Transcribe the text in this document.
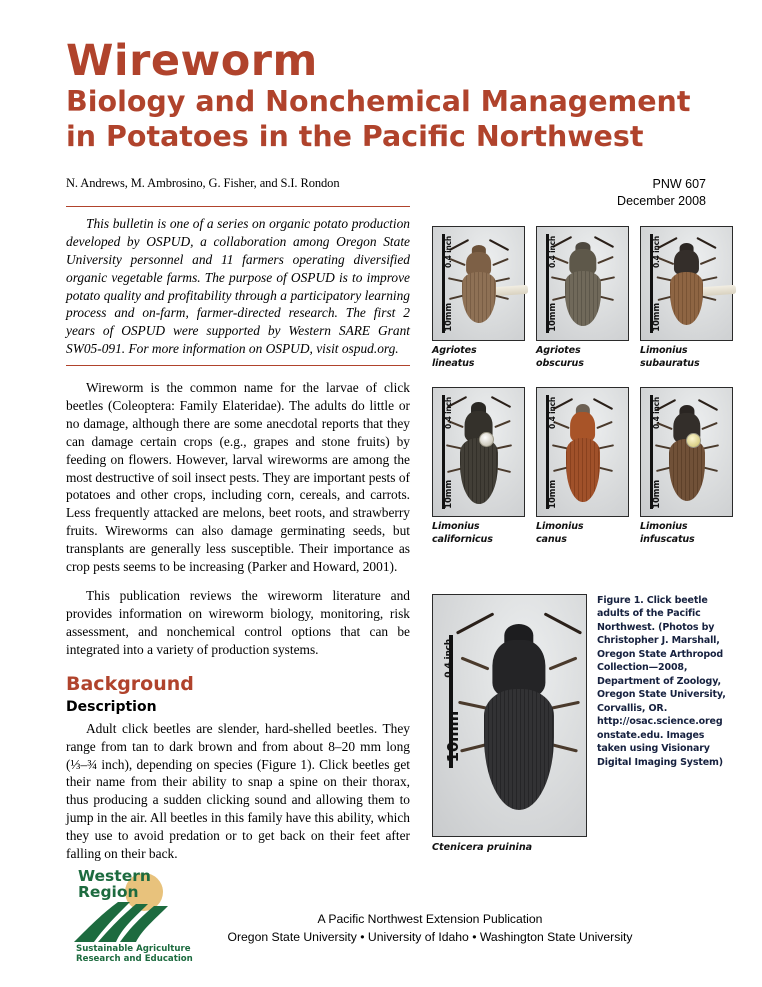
Wireworm
Biology and Nonchemical Management
in Potatoes in the Pacific Northwest
N. Andrews, M. Ambrosino, G. Fisher, and S.I. Rondon	PNW 607
December 2008

This bulletin is one of a series on organic potato production developed by OSPUD, a collaboration among Oregon State University personnel and 11 farmers operating diversified organic vegetable farms. The purpose of OSPUD is to improve potato quality and profitability through a participatory learning process and on-farm, farmer-directed research. The first 2 years of OSPUD were supported by Western SARE Grant SW05-091. For more information on OSPUD, visit ospud.org.

Wireworm is the common name for the larvae of click beetles (Coleoptera: Family Elateridae). The adults do little or no damage, although there are some anecdotal reports that they can damage certain crops (e.g., grapes and stone fruits) by feeding on flowers. However, larval wireworms are among the most destructive of soil insect pests. They are important pests of potatoes and other crops, including corn, cereals, and carrots. Less frequently attacked are melons, beet roots, and strawberry fruits. Wireworms can also damage germinating seeds, but transplants are generally less susceptible. Their importance as crop pests seems to be increasing (Parker and Howard, 2001).

This publication reviews the wireworm literature and provides information on wireworm biology, monitoring, risk assessment, and nonchemical control options that can be integrated into a variety of production systems.

Background
Description

Adult click beetles are slender, hard-shelled beetles. They range from tan to dark brown and from about 8–20 mm long (⅓–¾ inch), depending on species (Figure 1). Click beetles get their name from their ability to snap a spine on their thorax, thus producing a sudden clicking sound and allowing them to jump in the air. All beetles in this family have this ability, which they use to avoid predation or to get back on their feet after falling on their back.

0.4 inch
10mm
Agriotes
lineatus
0.4 inch
10mm
Agriotes
obscurus
0.4 inch
10mm
Limonius
subauratus
0.4 inch
10mm
Limonius
californicus
0.4 inch
10mm
Limonius
canus
0.4 inch
10mm
Limonius
infuscatus
0.4 inch
10mm
Ctenicera pruinina
Figure 1. Click beetle adults of the Pacific Northwest. (Photos by Christopher J. Marshall, Oregon State Arthropod Collection—2008, Department of Zoology, Oregon State University, Corvallis, OR. http://osac.science.oregonstate.edu. Images taken using Visionary Digital Imaging System)
Western
Region
Sustainable Agriculture
Research and Education
A Pacific Northwest Extension Publication
Oregon State University • University of Idaho • Washington State University
